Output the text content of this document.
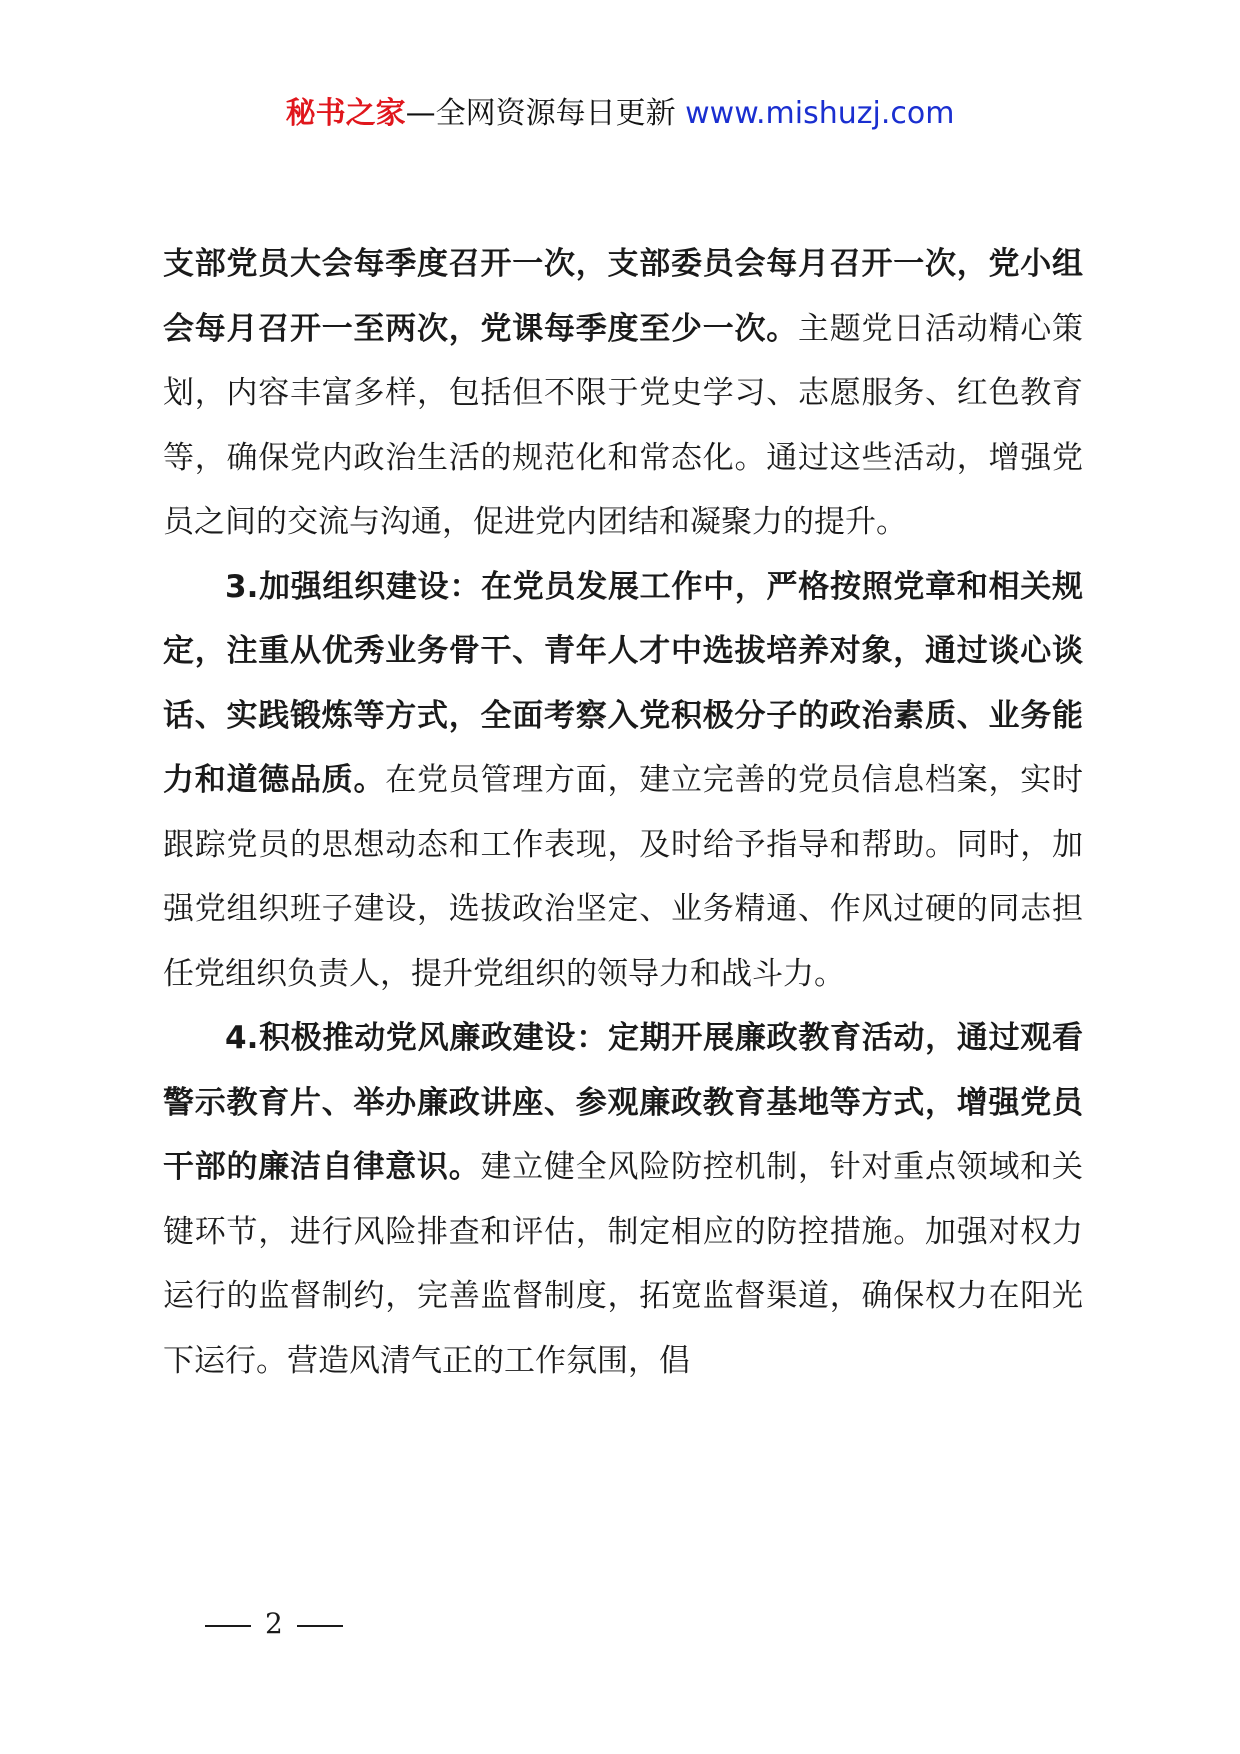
秘书之家—全网资源每日更新 www.mishuzj.com

支部党员大会每季度召开一次，支部委员会每月召开一次，党小组会每月召开一至两次，党课每季度至少一次。主题党日活动精心策划，内容丰富多样，包括但不限于党史学习、志愿服务、红色教育等，确保党内政治生活的规范化和常态化。通过这些活动，增强党员之间的交流与沟通，促进党内团结和凝聚力的提升。

3.加强组织建设：在党员发展工作中，严格按照党章和相关规定，注重从优秀业务骨干、青年人才中选拔培养对象，通过谈心谈话、实践锻炼等方式，全面考察入党积极分子的政治素质、业务能力和道德品质。在党员管理方面，建立完善的党员信息档案，实时跟踪党员的思想动态和工作表现，及时给予指导和帮助。同时，加强党组织班子建设，选拔政治坚定、业务精通、作风过硬的同志担任党组织负责人，提升党组织的领导力和战斗力。

4.积极推动党风廉政建设：定期开展廉政教育活动，通过观看警示教育片、举办廉政讲座、参观廉政教育基地等方式，增强党员干部的廉洁自律意识。建立健全风险防控机制，针对重点领域和关键环节，进行风险排查和评估，制定相应的防控措施。加强对权力运行的监督制约，完善监督制度，拓宽监督渠道，确保权力在阳光下运行。营造风清气正的工作氛围，倡

2
